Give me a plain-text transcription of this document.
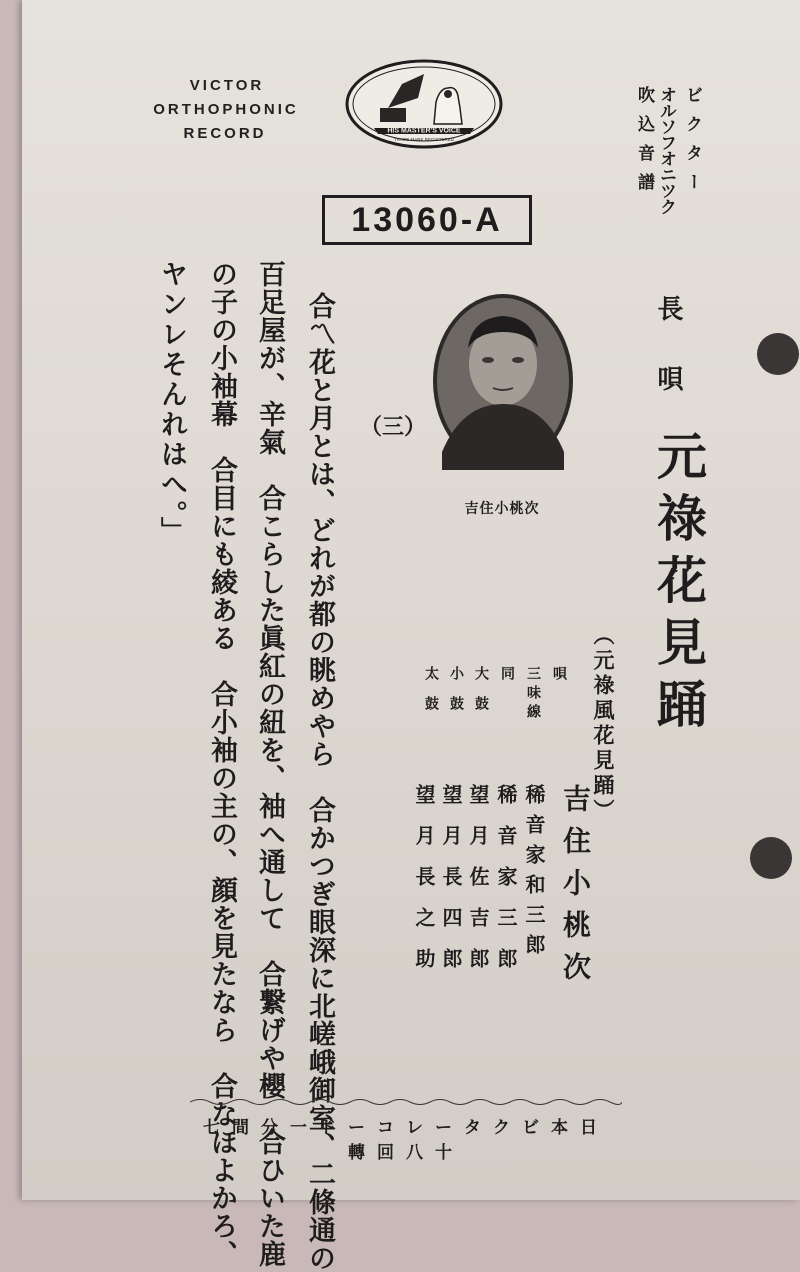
VICTOR
ORTHOPHONIC
RECORD	HIS MASTER'S VOICE
TRADE MARK REGISTERED	ビクター
オルソフオニツク
吹込音譜
13060-A
長唄
元祿花見踊
（元祿風花見踊）
吉住小桃次
（三）
唄
三味線
同
大鼓
小鼓
太鼓
吉住小桃次
稀音家和三郎
稀音家三郎
望月佐吉郎
望月長四郎
望月長之助
合〽花と月とは、どれが都の眺めやら　合かつぎ眼深に北嵯峨御室、二條通の
百足屋が、辛氣　合こらした眞紅の紐を、袖へ通して　合繋げや櫻　合ひいた鹿
の子の小袖幕　合目にも綾ある　合小袖の主の、顔を見たなら　合なほよかろ、
ヤンレそんれはへ。」
日本ビクターレコード一分間七十八回轉
